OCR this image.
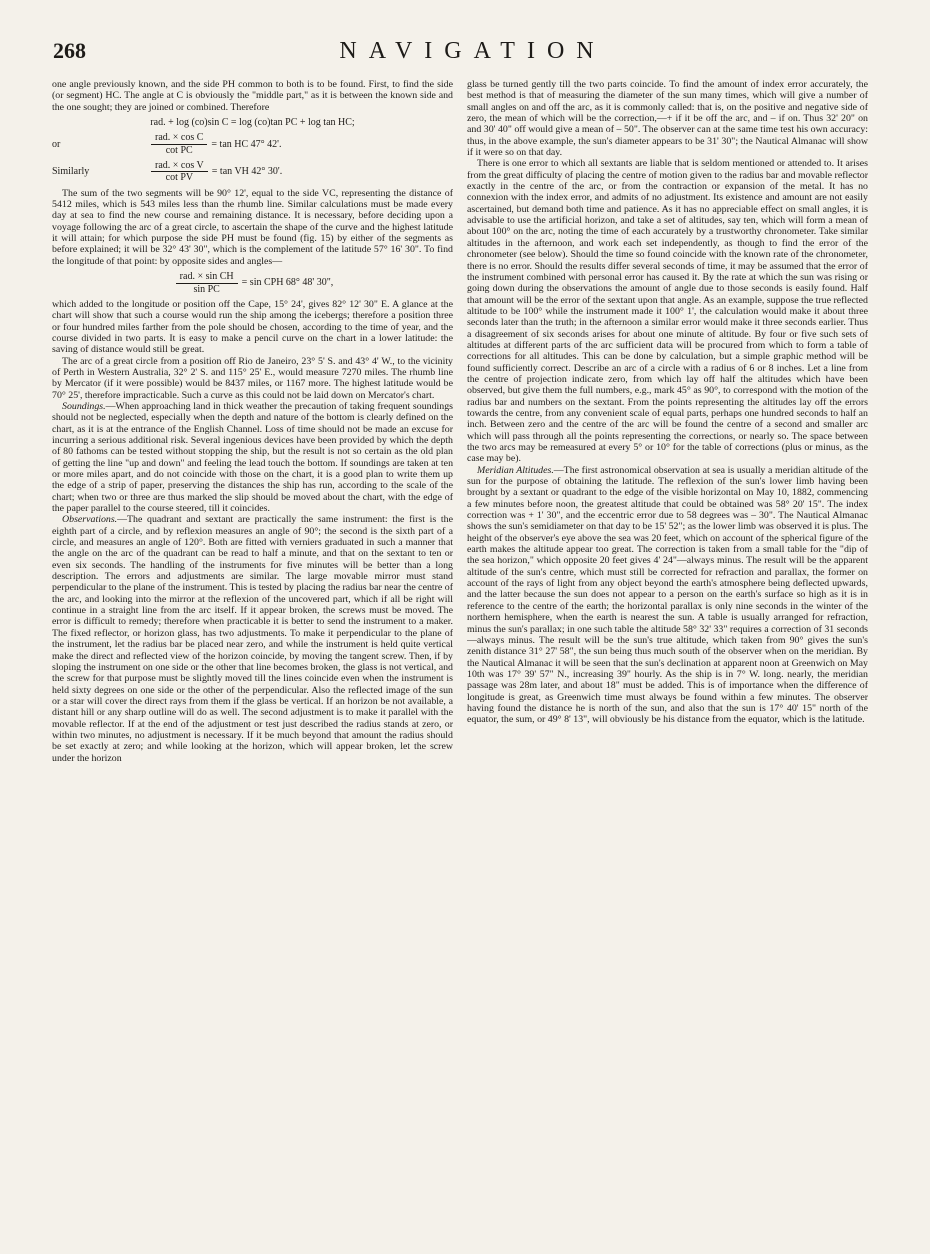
268	NAVIGATION

one angle previously known, and the side PH common to both is to be found. First, to find the side (or segment) HC. The angle at C is obviously the "middle part," as it is between the known side and the one sought; they are joined or combined. Therefore

rad. + log (co)sin C = log (co)tan PC + log tan HC;
or	$\frac{\text{rad. × cos C}}{\text{cot PC}} = \tan$ HC 47° 42'.
Similarly	$\frac{\text{rad. × cos V}}{\text{cot PV}} = \tan$ VH 42° 30'.

The sum of the two segments will be 90° 12', equal to the side VC, representing the distance of 5412 miles, which is 543 miles less than the rhumb line. Similar calculations must be made every day at sea to find the new course and remaining distance. It is necessary, before deciding upon a voyage following the arc of a great circle, to ascertain the shape of the curve and the highest latitude it will attain; for which purpose the side PH must be found (fig. 15) by either of the segments as before explained; it will be 32° 43' 30", which is the complement of the latitude 57° 16' 30". To find the longitude of that point: by opposite sides and angles—

$\frac{\text{rad. × sin CH}}{\text{sin PC}} = \sin$ CPH 68° 48' 30",

which added to the longitude or position off the Cape, 15° 24', gives 82° 12' 30" E. A glance at the chart will show that such a course would run the ship among the icebergs; therefore a position three or four hundred miles farther from the pole should be chosen, according to the time of year, and the course divided in two parts. It is easy to make a pencil curve on the chart in a lower latitude: the saving of distance would still be great.

The arc of a great circle from a position off Rio de Janeiro, 23° 5' S. and 43° 4' W., to the vicinity of Perth in Western Australia, 32° 2' S. and 115° 25' E., would measure 7270 miles. The rhumb line by Mercator (if it were possible) would be 8437 miles, or 1167 more. The highest latitude would be 70° 25', therefore impracticable. Such a curve as this could not be laid down on Mercator's chart.

Soundings.—When approaching land in thick weather the precaution of taking frequent soundings should not be neglected, especially when the depth and nature of the bottom is clearly defined on the chart, as it is at the entrance of the English Channel. Loss of time should not be made an excuse for incurring a serious additional risk. Several ingenious devices have been provided by which the depth of 80 fathoms can be tested without stopping the ship, but the result is not so certain as the old plan of getting the line "up and down" and feeling the lead touch the bottom. If soundings are taken at ten or more miles apart, and do not coincide with those on the chart, it is a good plan to write them up the edge of a strip of paper, preserving the distances the ship has run, according to the scale of the chart; when two or three are thus marked the slip should be moved about the chart, with the edge of the paper parallel to the course steered, till it coincides.

Observations.—The quadrant and sextant are practically the same instrument: the first is the eighth part of a circle, and by reflexion measures an angle of 90°; the second is the sixth part of a circle, and measures an angle of 120°. Both are fitted with verniers graduated in such a manner that the angle on the arc of the quadrant can be read to half a minute, and that on the sextant to ten or even six seconds. The handling of the instruments for five minutes will be better than a long description. The errors and adjustments are similar. The large movable mirror must stand perpendicular to the plane of the instrument. This is tested by placing the radius bar near the centre of the arc, and looking into the mirror at the reflexion of the uncovered part, which if all be right will continue in a straight line from the arc itself. If it appear broken, the screws must be moved. The error is difficult to remedy; therefore when practicable it is better to send the instrument to a maker. The fixed reflector, or horizon glass, has two adjustments. To make it perpendicular to the plane of the instrument, let the radius bar be placed near zero, and while the instrument is held quite vertical make the direct and reflected view of the horizon coincide, by moving the tangent screw. Then, if by sloping the instrument on one side or the other that line becomes broken, the glass is not vertical, and the screw for that purpose must be slightly moved till the lines coincide even when the instrument is held sixty degrees on one side or the other of the perpendicular. Also the reflected image of the sun or a star will cover the direct rays from them if the glass be vertical. If an horizon be not available, a distant hill or any sharp outline will do as well. The second adjustment is to make it parallel with the movable reflector. If at the end of the adjustment or test just described the radius stands at zero, or within two minutes, no adjustment is necessary. If it be much beyond that amount the radius should be set exactly at zero; and while looking at the horizon, which will appear broken, let the screw under the horizon

glass be turned gently till the two parts coincide. To find the amount of index error accurately, the best method is that of measuring the diameter of the sun many times, which will give a number of small angles on and off the arc, as it is commonly called: that is, on the positive and negative side of zero, the mean of which will be the correction,—+ if it be off the arc, and – if on. Thus 32' 20" on and 30' 40" off would give a mean of – 50". The observer can at the same time test his own accuracy: thus, in the above example, the sun's diameter appears to be 31' 30"; the Nautical Almanac will show if it were so on that day.

There is one error to which all sextants are liable that is seldom mentioned or attended to. It arises from the great difficulty of placing the centre of motion given to the radius bar and movable reflector exactly in the centre of the arc, or from the contraction or expansion of the metal. It has no connexion with the index error, and admits of no adjustment. Its existence and amount are not easily ascertained, but demand both time and patience. As it has no appreciable effect on small angles, it is advisable to use the artificial horizon, and take a set of altitudes, say ten, which will form a mean of about 100° on the arc, noting the time of each accurately by a trustworthy chronometer. Take similar altitudes in the afternoon, and work each set independently, as though to find the error of the chronometer (see below). Should the time so found coincide with the known rate of the chronometer, there is no error. Should the results differ several seconds of time, it may be assumed that the error of the instrument combined with personal error has caused it. By the rate at which the sun was rising or going down during the observations the amount of angle due to those seconds is easily found. Half that amount will be the error of the sextant upon that angle. As an example, suppose the true reflected altitude to be 100° while the instrument made it 100° 1', the calculation would make it about three seconds later than the truth; in the afternoon a similar error would make it three seconds earlier. Thus a disagreement of six seconds arises for about one minute of altitude. By four or five such sets of altitudes at different parts of the arc sufficient data will be procured from which to form a table of corrections for all altitudes. This can be done by calculation, but a simple graphic method will be found sufficiently correct. Describe an arc of a circle with a radius of 6 or 8 inches. Let a line from the centre of projection indicate zero, from which lay off half the altitudes which have been observed, but give them the full numbers, e.g., mark 45° as 90°, to correspond with the motion of the radius bar and numbers on the sextant. From the points representing the altitudes lay off the errors towards the centre, from any convenient scale of equal parts, perhaps one hundred seconds to half an inch. Between zero and the centre of the arc will be found the centre of a second and smaller arc which will pass through all the points representing the corrections, or nearly so. The space between the two arcs may be remeasured at every 5° or 10° for the table of corrections (plus or minus, as the case may be).

Meridian Altitudes.—The first astronomical observation at sea is usually a meridian altitude of the sun for the purpose of obtaining the latitude. The reflexion of the sun's lower limb having been brought by a sextant or quadrant to the edge of the visible horizontal on May 10, 1882, commencing a few minutes before noon, the greatest altitude that could be obtained was 58° 20' 15". The index correction was + 1' 30", and the eccentric error due to 58 degrees was – 30". The Nautical Almanac shows the sun's semidiameter on that day to be 15' 52"; as the lower limb was observed it is plus. The height of the observer's eye above the sea was 20 feet, which on account of the spherical figure of the earth makes the altitude appear too great. The correction is taken from a small table for the "dip of the sea horizon," which opposite 20 feet gives 4' 24"—always minus. The result will be the apparent altitude of the sun's centre, which must still be corrected for refraction and parallax, the former on account of the rays of light from any object beyond the earth's atmosphere being deflected upwards, and the latter because the sun does not appear to a person on the earth's surface so high as it is in reference to the centre of the earth; the horizontal parallax is only nine seconds in the winter of the northern hemisphere, when the earth is nearest the sun. A table is usually arranged for refraction, minus the sun's parallax; in one such table the altitude 58° 32' 33" requires a correction of 31 seconds—always minus. The result will be the sun's true altitude, which taken from 90° gives the sun's zenith distance 31° 27' 58", the sun being thus much south of the observer when on the meridian. By the Nautical Almanac it will be seen that the sun's declination at apparent noon at Greenwich on May 10th was 17° 39' 57" N., increasing 39" hourly. As the ship is in 7° W. long. nearly, the meridian passage was 28m later, and about 18" must be added. This is of importance when the difference of longitude is great, as Greenwich time must always be found within a few minutes. The observer having found the distance he is north of the sun, and also that the sun is 17° 40' 15" north of the equator, the sum, or 49° 8' 13", will obviously be his distance from the equator, which is the latitude.
